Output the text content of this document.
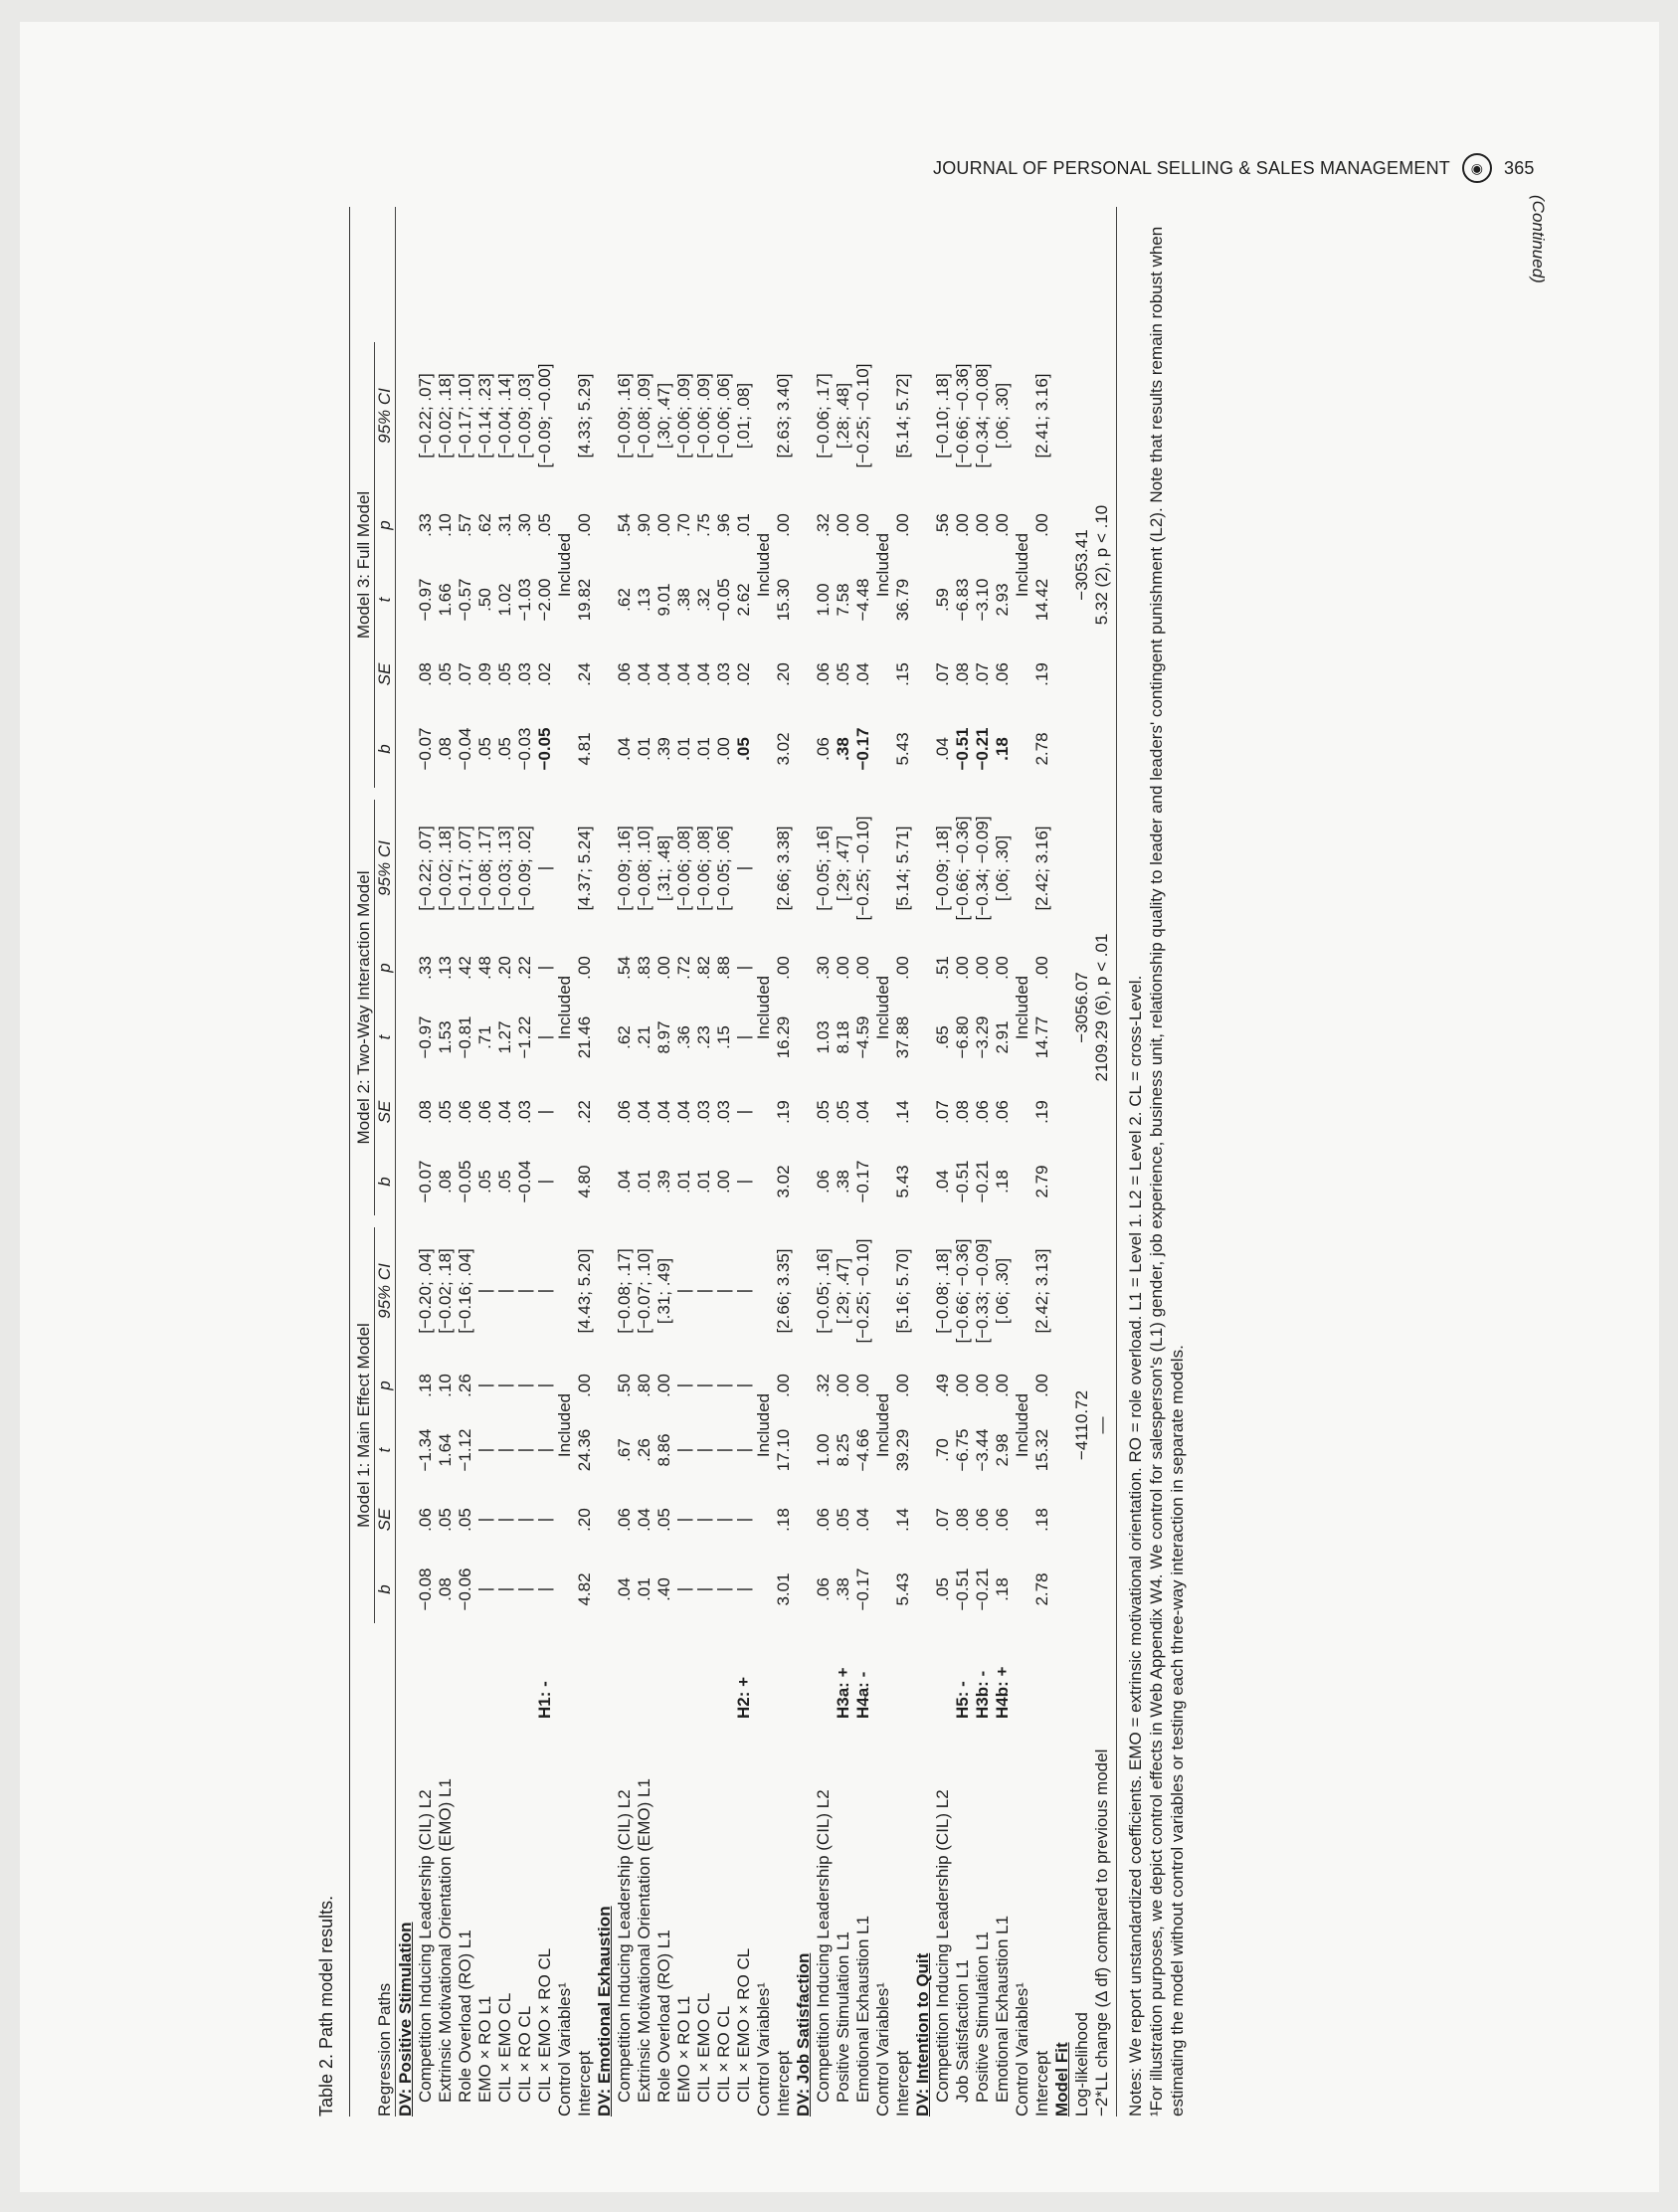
JOURNAL OF PERSONAL SELLING & SALES MANAGEMENT	◉	365
(Continued)
Table 2. Path model results.
Model 1: Main Effect Model
Model 2: Two-Way Interaction Model
Model 3: Full Model
Regression Paths
b
SE
t
p
95% CI
b
SE
t
p
95% CI
b
SE
t
p
95% CI
DV: Positive Stimulation Competition Inducing Leadership (CIL) L2
−0.08
.06
−1.34
.18
[−0.20; .04]
−0.07
.08
−0.97
.33
[−0.22; .07]
−0.07
.08
−0.97
.33
[−0.22; .07]
Extrinsic Motivational Orientation (EMO) L1
.08
.05
1.64
.10
[−0.02; .18]
.08
.05
1.53
.13
[−0.02; .18]
.08
.05
1.66
.10
[−0.02; .18]
Role Overload (RO) L1
−0.06
.05
−1.12
.26
[−0.16; .04]
−0.05
.06
−0.81
.42
[−0.17; .07]
−0.04
.07
−0.57
.57
[−0.17; .10]
EMO × RO L1
|
|
|
|
|
.05
.06
.71
.48
[−0.08; .17]
.05
.09
.50
.62
[−0.14; .23]
CIL × EMO CL
|
|
|
|
|
.05
.04
1.27
.20
[−0.03; .13]
.05
.05
1.02
.31
[−0.04; .14]
CIL × RO CL
|
|
|
|
|
−0.04
.03
−1.22
.22
[−0.09; .02]
−0.03
.03
−1.03
.30
[−0.09; .03]
CIL × EMO × RO CL
H1: -
|
|
|
|
|
|
|
|
|
|
−0.05
.02
−2.00
.05
[−0.09; −0.00]
Control Variables¹
Included
Included
Included
Intercept
4.82
.20
24.36
.00
[4.43; 5.20]
4.80
.22
21.46
.00
[4.37; 5.24]
4.81
.24
19.82
.00
[4.33; 5.29]
DV: Emotional Exhaustion Competition Inducing Leadership (CIL) L2
.04
.06
.67
.50
[−0.08; .17]
.04
.06
.62
.54
[−0.09; .16]
.04
.06
.62
.54
[−0.09; .16]
Extrinsic Motivational Orientation (EMO) L1
.01
.04
.26
.80
[−0.07; .10]
.01
.04
.21
.83
[−0.08; .10]
.01
.04
.13
.90
[−0.08; .09]
Role Overload (RO) L1
.40
.05
8.86
.00
[.31; .49]
.39
.04
8.97
.00
[.31; .48]
.39
.04
9.01
.00
[.30; .47]
EMO × RO L1
|
|
|
|
|
.01
.04
.36
.72
[−0.06; .08]
.01
.04
.38
.70
[−0.06; .09]
CIL × EMO CL
|
|
|
|
|
.01
.03
.23
.82
[−0.06; .08]
.01
.04
.32
.75
[−0.06; .09]
CIL × RO CL
|
|
|
|
|
.00
.03
.15
.88
[−0.05; .06]
.00
.03
−0.05
.96
[−0.06; .06]
CIL × EMO × RO CL
H2: +
|
|
|
|
|
|
|
|
|
|
.05
.02
2.62
.01
[.01; .08]
Control Variables¹
Included
Included
Included
Intercept
3.01
.18
17.10
.00
[2.66; 3.35]
3.02
.19
16.29
.00
[2.66; 3.38]
3.02
.20
15.30
.00
[2.63; 3.40]
DV: Job Satisfaction Competition Inducing Leadership (CIL) L2
.06
.06
1.00
.32
[−0.05; .16]
.06
.05
1.03
.30
[−0.05; .16]
.06
.06
1.00
.32
[−0.06; .17]
Positive Stimulation L1
H3a: +
.38
.05
8.25
.00
[.29; .47]
.38
.05
8.18
.00
[.29; .47]
.38
.05
7.58
.00
[.28; .48]
Emotional Exhaustion L1
H4a: -
−0.17
.04
−4.66
.00
[−0.25; −0.10]
−0.17
.04
−4.59
.00
[−0.25; −0.10]
−0.17
.04
−4.48
.00
[−0.25; −0.10]
Control Variables¹
Included
Included
Included
Intercept
5.43
.14
39.29
.00
[5.16; 5.70]
5.43
.14
37.88
.00
[5.14; 5.71]
5.43
.15
36.79
.00
[5.14; 5.72]
DV: Intention to Quit Competition Inducing Leadership (CIL) L2
.05
.07
.70
.49
[−0.08; .18]
.04
.07
.65
.51
[−0.09; .18]
.04
.07
.59
.56
[−0.10; .18]
Job Satisfaction L1
H5: -
−0.51
.08
−6.75
.00
[−0.66; −0.36]
−0.51
.08
−6.80
.00
[−0.66; −0.36]
−0.51
.08
−6.83
.00
[−0.66; −0.36]
Positive Stimulation L1
H3b: -
−0.21
.06
−3.44
.00
[−0.33; −0.09]
−0.21
.06
−3.29
.00
[−0.34; −0.09]
−0.21
.07
−3.10
.00
[−0.34; −0.08]
Emotional Exhaustion L1
H4b: +
.18
.06
2.98
.00
[.06; .30]
.18
.06
2.91
.00
[.06; .30]
.18
.06
2.93
.00
[.06; .30]
Control Variables¹
Included
Included
Included
Intercept
2.78
.18
15.32
.00
[2.42; 3.13]
2.79
.19
14.77
.00
[2.42; 3.16]
2.78
.19
14.42
.00
[2.41; 3.16]
Model Fit Log-likelihood
−4110.72
−3056.07
−3053.41
−2*LL change (Δ df) compared to previous model
—
2109.29 (6), p < .01
5.32 (2), p < .10
Notes: We report unstandardized coefficients. EMO = extrinsic motivational orientation. RO = role overload. L1 = Level 1. L2 = Level 2. CL = cross-Level. ¹For illustration purposes, we depict control effects in Web Appendix W4. We control for salesperson's (L1) gender, job experience, business unit, relationship quality to leader and leaders' contingent punishment (L2). Note that results remain robust when estimating the model without control variables or testing each three-way interaction in separate models.
